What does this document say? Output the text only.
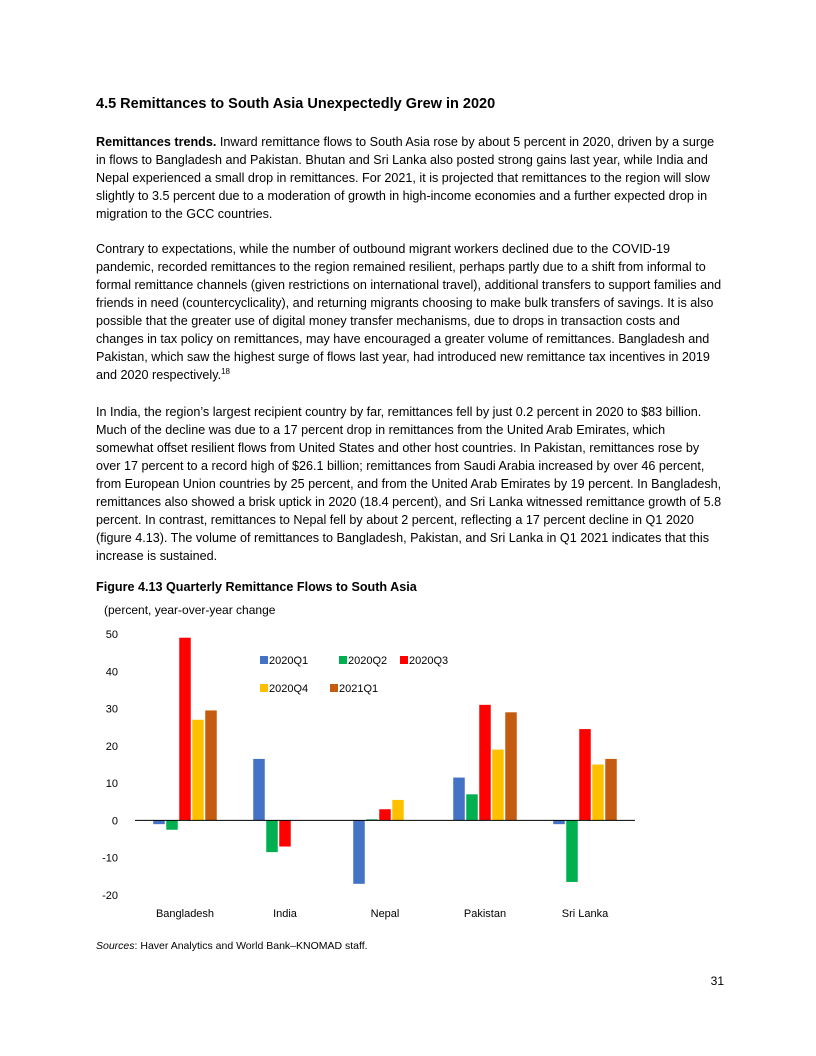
4.5 Remittances to South Asia Unexpectedly Grew in 2020

Remittances trends. Inward remittance flows to South Asia rose by about 5 percent in 2020, driven by a surge in flows to Bangladesh and Pakistan. Bhutan and Sri Lanka also posted strong gains last year, while India and Nepal experienced a small drop in remittances. For 2021, it is projected that remittances to the region will slow slightly to 3.5 percent due to a moderation of growth in high-income economies and a further expected drop in migration to the GCC countries.

Contrary to expectations, while the number of outbound migrant workers declined due to the COVID-19 pandemic, recorded remittances to the region remained resilient, perhaps partly due to a shift from informal to formal remittance channels (given restrictions on international travel), additional transfers to support families and friends in need (countercyclicality), and returning migrants choosing to make bulk transfers of savings. It is also possible that the greater use of digital money transfer mechanisms, due to drops in transaction costs and changes in tax policy on remittances, may have encouraged a greater volume of remittances. Bangladesh and Pakistan, which saw the highest surge of flows last year, had introduced new remittance tax incentives in 2019 and 2020 respectively.$^{18}$

In India, the region’s largest recipient country by far, remittances fell by just 0.2 percent in 2020 to $83 billion. Much of the decline was due to a 17 percent drop in remittances from the United Arab Emirates, which somewhat offset resilient flows from United States and other host countries. In Pakistan, remittances rose by over 17 percent to a record high of $26.1 billion; remittances from Saudi Arabia increased by over 46 percent, from European Union countries by 25 percent, and from the United Arab Emirates by 19 percent. In Bangladesh, remittances also showed a brisk uptick in 2020 (18.4 percent), and Sri Lanka witnessed remittance growth of 5.8 percent. In contrast, remittances to Nepal fell by about 2 percent, reflecting a 17 percent decline in Q1 2020 (figure 4.13). The volume of remittances to Bangladesh, Pakistan, and Sri Lanka in Q1 2021 indicates that this increase is sustained.

Figure 4.13 Quarterly Remittance Flows to South Asia

(percent, year-over-year change

50
40
30
20
10
0
-10
-20
Bangladesh	India	Nepal	Pakistan	Sri Lanka
2020Q1	2020Q2 2020Q3
2020Q4	2021Q1

Sources: Haver Analytics and World Bank–KNOMAD staff.

31
